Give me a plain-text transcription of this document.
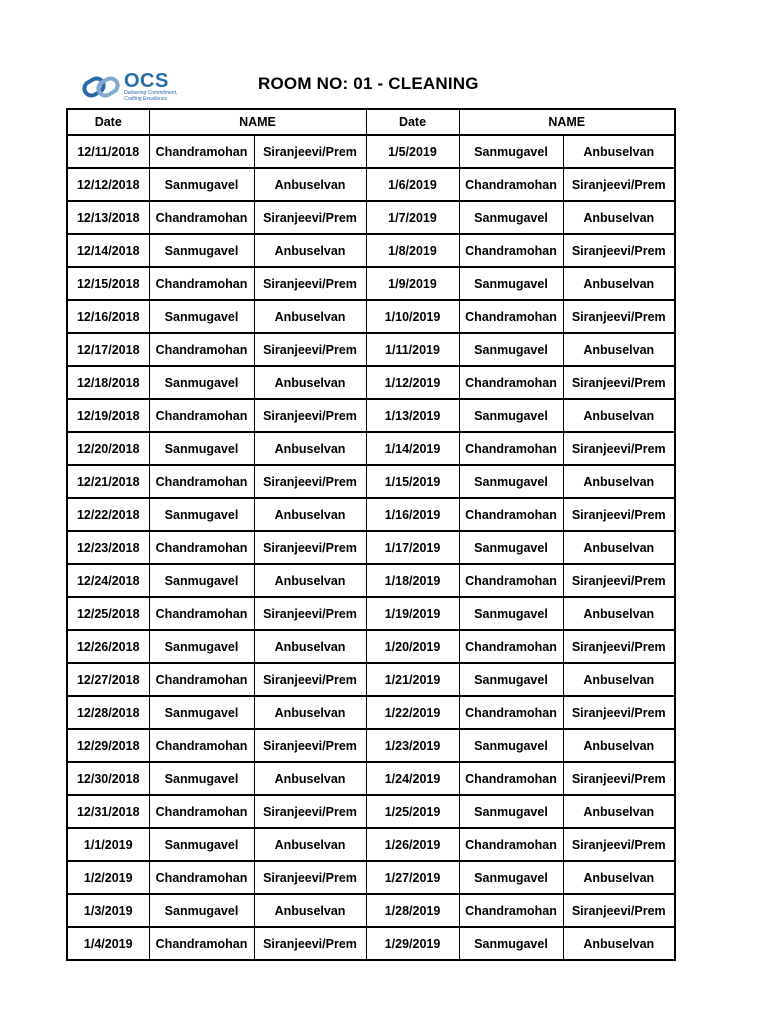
OCS
Delivering Commitment, Crafting Excellence
ROOM NO: 01 - CLEANING
Date	NAME		Date	NAME	
12/11/2018	Chandramohan	Siranjeevi/Prem	1/5/2019	Sanmugavel	Anbuselvan
12/12/2018	Sanmugavel	Anbuselvan	1/6/2019	Chandramohan	Siranjeevi/Prem
12/13/2018	Chandramohan	Siranjeevi/Prem	1/7/2019	Sanmugavel	Anbuselvan
12/14/2018	Sanmugavel	Anbuselvan	1/8/2019	Chandramohan	Siranjeevi/Prem
12/15/2018	Chandramohan	Siranjeevi/Prem	1/9/2019	Sanmugavel	Anbuselvan
12/16/2018	Sanmugavel	Anbuselvan	1/10/2019	Chandramohan	Siranjeevi/Prem
12/17/2018	Chandramohan	Siranjeevi/Prem	1/11/2019	Sanmugavel	Anbuselvan
12/18/2018	Sanmugavel	Anbuselvan	1/12/2019	Chandramohan	Siranjeevi/Prem
12/19/2018	Chandramohan	Siranjeevi/Prem	1/13/2019	Sanmugavel	Anbuselvan
12/20/2018	Sanmugavel	Anbuselvan	1/14/2019	Chandramohan	Siranjeevi/Prem
12/21/2018	Chandramohan	Siranjeevi/Prem	1/15/2019	Sanmugavel	Anbuselvan
12/22/2018	Sanmugavel	Anbuselvan	1/16/2019	Chandramohan	Siranjeevi/Prem
12/23/2018	Chandramohan	Siranjeevi/Prem	1/17/2019	Sanmugavel	Anbuselvan
12/24/2018	Sanmugavel	Anbuselvan	1/18/2019	Chandramohan	Siranjeevi/Prem
12/25/2018	Chandramohan	Siranjeevi/Prem	1/19/2019	Sanmugavel	Anbuselvan
12/26/2018	Sanmugavel	Anbuselvan	1/20/2019	Chandramohan	Siranjeevi/Prem
12/27/2018	Chandramohan	Siranjeevi/Prem	1/21/2019	Sanmugavel	Anbuselvan
12/28/2018	Sanmugavel	Anbuselvan	1/22/2019	Chandramohan	Siranjeevi/Prem
12/29/2018	Chandramohan	Siranjeevi/Prem	1/23/2019	Sanmugavel	Anbuselvan
12/30/2018	Sanmugavel	Anbuselvan	1/24/2019	Chandramohan	Siranjeevi/Prem
12/31/2018	Chandramohan	Siranjeevi/Prem	1/25/2019	Sanmugavel	Anbuselvan
1/1/2019	Sanmugavel	Anbuselvan	1/26/2019	Chandramohan	Siranjeevi/Prem
1/2/2019	Chandramohan	Siranjeevi/Prem	1/27/2019	Sanmugavel	Anbuselvan
1/3/2019	Sanmugavel	Anbuselvan	1/28/2019	Chandramohan	Siranjeevi/Prem
1/4/2019	Chandramohan	Siranjeevi/Prem	1/29/2019	Sanmugavel	Anbuselvan
